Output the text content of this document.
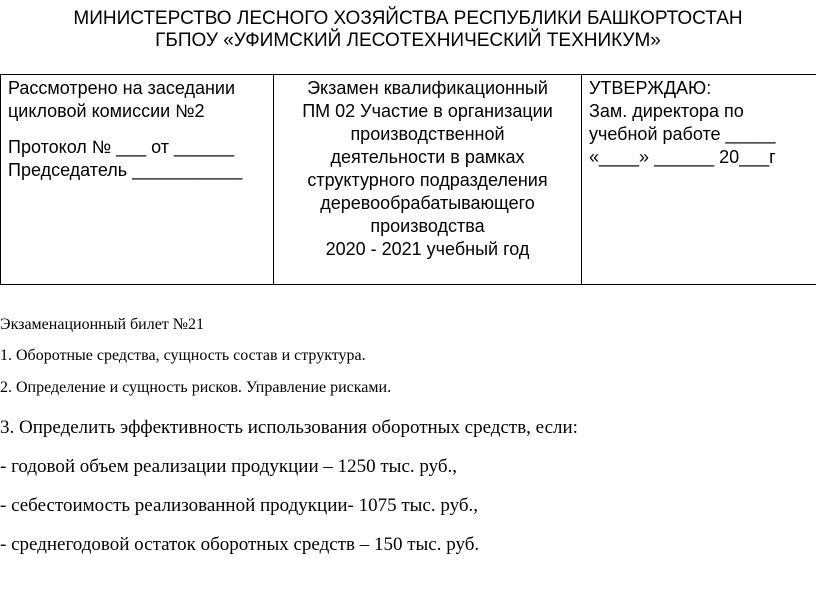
МИНИСТЕРСТВО ЛЕСНОГО ХОЗЯЙСТВА РЕСПУБЛИКИ БАШКОРТОСТАН
ГБПОУ «УФИМСКИЙ ЛЕСОТЕХНИЧЕСКИЙ ТЕХНИКУМ»
Рассмотрено на заседании
цикловой комиссии №2
Протокол № ___ от ______
Председатель ___________

Экзамен квалификационный
ПМ 02 Участие в организации
производственной
деятельности в рамках
структурного подразделения
деревообрабатывающего
производства
2020 - 2021 учебный год

УТВЕРЖДАЮ:
Зам. директора по
учебной работе _____
«____» ______ 20___г
Экзаменационный билет №21
1. Оборотные средства, сущность состав и структура.
2. Определение и сущность рисков. Управление рисками.
3. Определить эффективность использования оборотных средств, если:
- годовой объем реализации продукции – 1250 тыс. руб.,
- себестоимость реализованной продукции- 1075 тыс. руб.,
- среднегодовой остаток оборотных средств – 150 тыс. руб.
